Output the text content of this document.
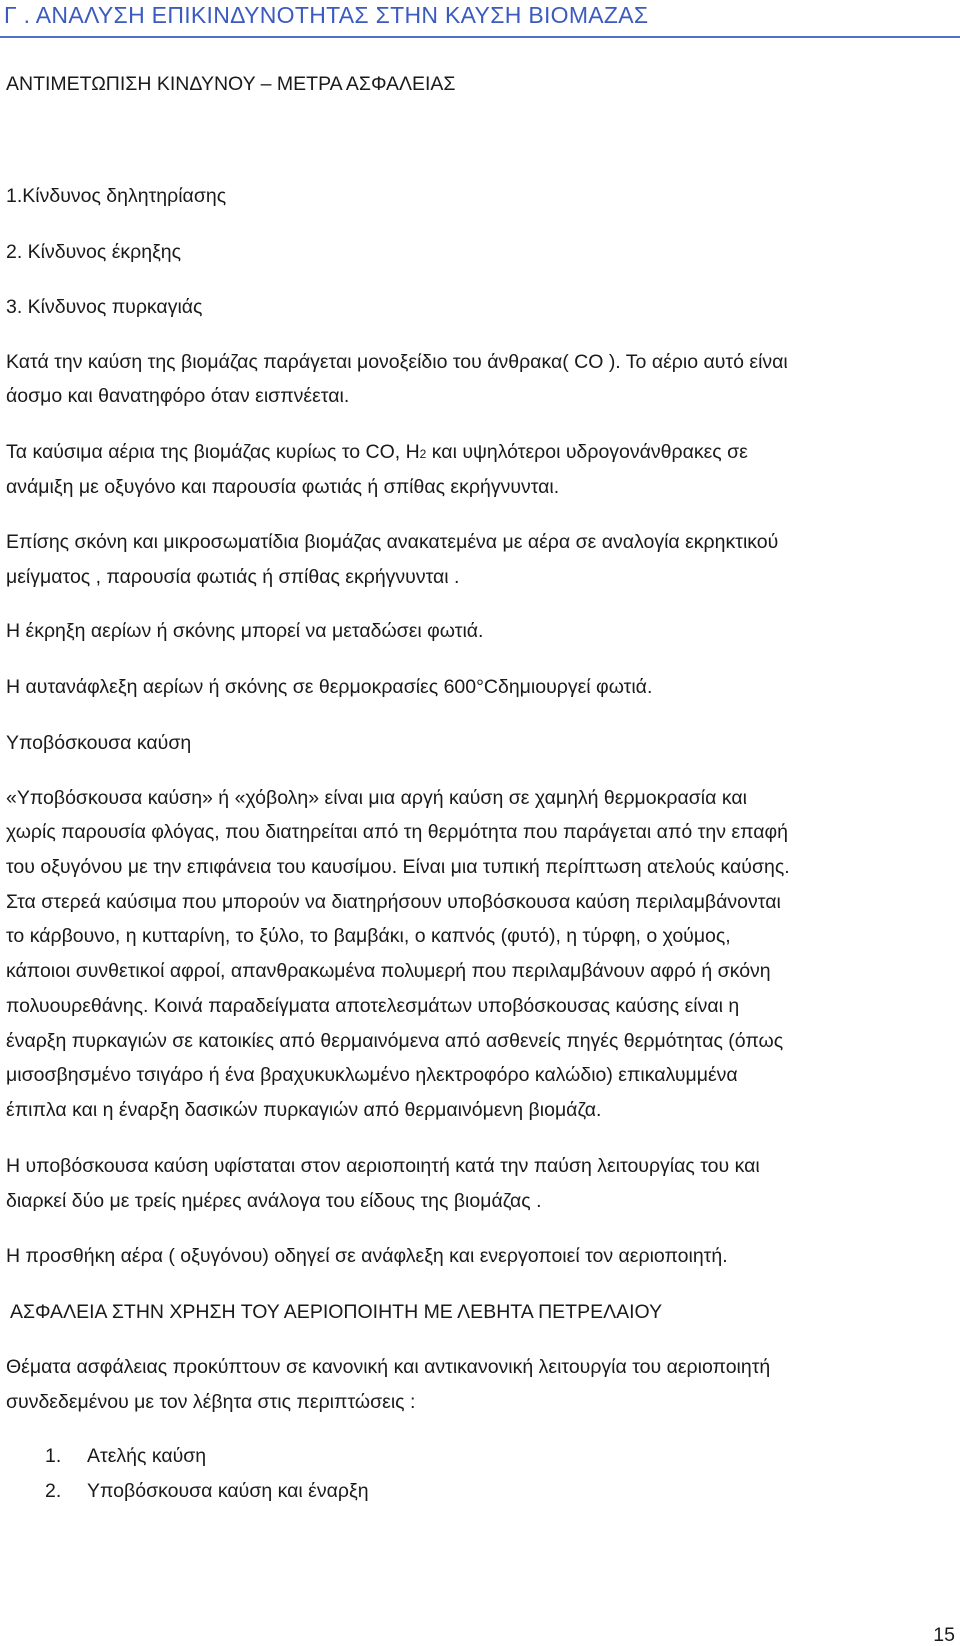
Γ . ΑΝΑΛΥΣΗ ΕΠΙΚΙΝΔΥΝΟΤΗΤΑΣ ΣΤΗΝ ΚΑΥΣΗ ΒΙΟΜΑΖΑΣ
ΑΝΤΙΜΕΤΩΠΙΣΗ ΚΙΝΔΥΝΟΥ – ΜΕΤΡΑ ΑΣΦΑΛΕΙΑΣ
1.Κίνδυνος δηλητηρίασης
2. Κίνδυνος έκρηξης
3. Κίνδυνος πυρκαγιάς
Κατά την καύση της βιομάζας παράγεται μονοξείδιο του άνθρακα( CO ). Το αέριο αυτό είναι
άοσμο και θανατηφόρο όταν εισπνέεται.
Τα καύσιμα αέρια της βιομάζας κυρίως το CO, H2 και υψηλότεροι υδρογονάνθρακες σε
ανάμιξη με οξυγόνο και παρουσία φωτιάς ή σπίθας εκρήγνυνται.
Επίσης σκόνη και μικροσωματίδια βιομάζας ανακατεμένα με αέρα σε αναλογία εκρηκτικού
μείγματος , παρουσία φωτιάς ή σπίθας εκρήγνυνται .
Η έκρηξη αερίων ή σκόνης μπορεί να μεταδώσει φωτιά.
Η αυτανάφλεξη αερίων ή σκόνης σε θερμοκρασίες 600°Cδημιουργεί φωτιά.
Υποβόσκουσα καύση
«Υποβόσκουσα καύση» ή «χόβολη» είναι μια αργή καύση σε χαμηλή θερμοκρασία και
χωρίς παρουσία φλόγας, που διατηρείται από τη θερμότητα που παράγεται από την επαφή
του οξυγόνου με την επιφάνεια του καυσίμου. Είναι μια τυπική περίπτωση ατελούς καύσης.
Στα στερεά καύσιμα που μπορούν να διατηρήσουν υποβόσκουσα καύση περιλαμβάνονται
το κάρβουνο, η κυτταρίνη, το ξύλο, το βαμβάκι, ο καπνός (φυτό), η τύρφη, ο χούμος,
κάποιοι συνθετικοί αφροί, απανθρακωμένα πολυμερή που περιλαμβάνουν αφρό ή σκόνη
πολυουρεθάνης. Κοινά παραδείγματα αποτελεσμάτων υποβόσκουσας καύσης είναι η
έναρξη πυρκαγιών σε κατοικίες από θερμαινόμενα από ασθενείς πηγές θερμότητας (όπως
μισοσβησμένο τσιγάρο ή ένα βραχυκυκλωμένο ηλεκτροφόρο καλώδιο) επικαλυμμένα
έπιπλα και η έναρξη δασικών πυρκαγιών από θερμαινόμενη βιομάζα.
Η υποβόσκουσα καύση υφίσταται στον αεριοποιητή κατά την παύση λειτουργίας του και
διαρκεί δύο με τρείς ημέρες ανάλογα του είδους της βιομάζας .
Η προσθήκη αέρα ( οξυγόνου) οδηγεί σε ανάφλεξη και ενεργοποιεί τον αεριοποιητή.
ΑΣΦΑΛΕΙΑ ΣΤΗΝ ΧΡΗΣΗ ΤΟΥ ΑΕΡΙΟΠΟΙΗΤΗ ΜΕ ΛΕΒΗΤΑ ΠΕΤΡΕΛΑΙΟΥ
Θέματα ασφάλειας προκύπτουν σε κανονική και αντικανονική λειτουργία του αεριοποιητή
συνδεδεμένου με τον λέβητα στις περιπτώσεις :
1. Ατελής καύση
2. Υποβόσκουσα καύση και έναρξη
15
